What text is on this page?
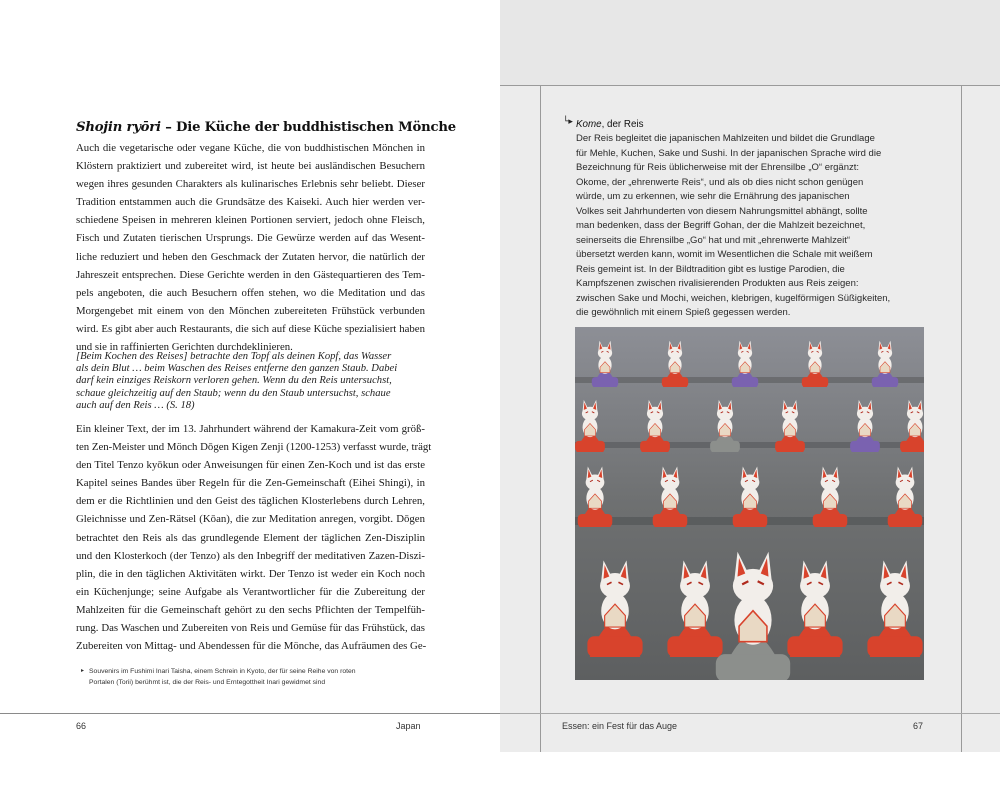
Shojin ryōri – Die Küche der buddhistischen Mönche
Auch die vegetarische oder vegane Küche, die von buddhistischen Mönchen in
Klöstern praktiziert und zubereitet wird, ist heute bei ausländischen Besuchern
wegen ihres gesunden Charakters als kulinarisches Erlebnis sehr beliebt. Dieser
Tradition entstammen auch die Grundsätze des Kaiseki. Auch hier werden ver-
schiedene Speisen in mehreren kleinen Portionen serviert, jedoch ohne Fleisch,
Fisch und Zutaten tierischen Ursprungs. Die Gewürze werden auf das Wesent-
liche reduziert und heben den Geschmack der Zutaten hervor, die natürlich der
Jahreszeit entsprechen. Diese Gerichte werden in den Gästequartieren des Tem-
pels angeboten, die auch Besuchern offen stehen, wo die Meditation und das
Morgengebet mit einem von den Mönchen zubereiteten Frühstück verbunden
wird. Es gibt aber auch Restaurants, die sich auf diese Küche spezialisiert haben
und sie in raffinierten Gerichten durchdeklinieren.
[Beim Kochen des Reises] betrachte den Topf als deinen Kopf, das Wasser
als dein Blut … beim Waschen des Reises entferne den ganzen Staub. Dabei
darf kein einziges Reiskorn verloren gehen. Wenn du den Reis untersuchst,
schaue gleichzeitig auf den Staub; wenn du den Staub untersuchst, schaue
auch auf den Reis … (S. 18)
Ein kleiner Text, der im 13. Jahrhundert während der Kamakura-Zeit vom größ-
ten Zen-Meister und Mönch Dōgen Kigen Zenji (1200-1253) verfasst wurde, trägt
den Titel Tenzo kyōkun oder Anweisungen für einen Zen-Koch und ist das erste
Kapitel seines Bandes über Regeln für die Zen-Gemeinschaft (Eihei Shingi), in
dem er die Richtlinien und den Geist des täglichen Klosterlebens durch Lehren,
Gleichnisse und Zen-Rätsel (Kōan), die zur Meditation anregen, vorgibt. Dōgen
betrachtet den Reis als das grundlegende Element der täglichen Zen-Disziplin
und den Klosterkoch (der Tenzo) als den Inbegriff der meditativen Zazen-Diszi-
plin, die in den täglichen Aktivitäten wirkt. Der Tenzo ist weder ein Koch noch
ein Küchenjunge; seine Aufgabe als Verantwortlicher für die Zubereitung der
Mahlzeiten für die Gemeinschaft gehört zu den sechs Pflichten der Tempelfüh-
rung. Das Waschen und Zubereiten von Reis und Gemüse für das Frühstück, das
Zubereiten von Mittag- und Abendessen für die Mönche, das Aufräumen des Ge-
▸ Souvenirs im Fushimi Inari Taisha, einem Schrein in Kyoto, der für seine Reihe von roten
Portalen (Torii) berühmt ist, die der Reis- und Erntegottheit Inari gewidmet sind
66	Japan	Essen: ein Fest für das Auge	67
└▸ Kome, der Reis
Der Reis begleitet die japanischen Mahlzeiten und bildet die Grundlage
für Mehle, Kuchen, Sake und Sushi. In der japanischen Sprache wird die
Bezeichnung für Reis üblicherweise mit der Ehrensilbe „O“ ergänzt:
Okome, der „ehrenwerte Reis“, und als ob dies nicht schon genügen
würde, um zu erkennen, wie sehr die Ernährung des japanischen
Volkes seit Jahrhunderten von diesem Nahrungsmittel abhängt, sollte
man bedenken, dass der Begriff Gohan, der die Mahlzeit bezeichnet,
seinerseits die Ehrensilbe „Go“ hat und mit „ehrenwerte Mahlzeit“
übersetzt werden kann, womit im Wesentlichen die Schale mit weißem
Reis gemeint ist. In der Bildtradition gibt es lustige Parodien, die
Kampfszenen zwischen rivalisierenden Produkten aus Reis zeigen:
zwischen Sake und Mochi, weichen, klebrigen, kugelförmigen Süßigkeiten,
die gewöhnlich mit einem Spieß gegessen werden.
